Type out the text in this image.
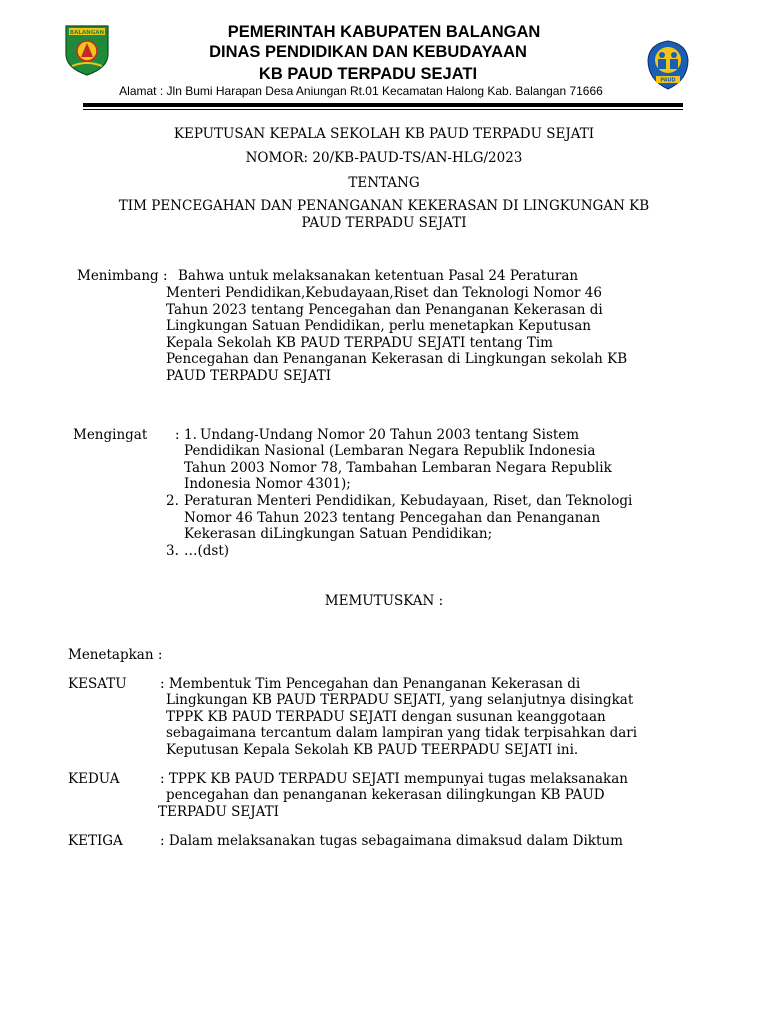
BALANGAN
PAUD
PEMERINTAH KABUPATEN BALANGAN
DINAS PENDIDIKAN DAN KEBUDAYAAN
KB PAUD TERPADU SEJATI
Alamat : Jln Bumi Harapan Desa Aniungan Rt.01 Kecamatan Halong Kab. Balangan 71666
KEPUTUSAN KEPALA SEKOLAH KB PAUD TERPADU SEJATI
NOMOR: 20/KB-PAUD-TS/AN-HLG/2023
TENTANG
TIM PENCEGAHAN DAN PENANGANAN KEKERASAN DI LINGKUNGAN KB
PAUD TERPADU SEJATI
Menimbang : Bahwa untuk melaksanakan ketentuan Pasal 24 Peraturan
Menteri Pendidikan,Kebudayaan,Riset dan Teknologi Nomor 46
Tahun 2023 tentang Pencegahan dan Penanganan Kekerasan di
Lingkungan Satuan Pendidikan, perlu menetapkan Keputusan
Kepala Sekolah KB PAUD TERPADU SEJATI tentang Tim
Pencegahan dan Penanganan Kekerasan di Lingkungan sekolah KB
PAUD TERPADU SEJATI
Mengingat : 1. Undang-Undang Nomor 20 Tahun 2003 tentang Sistem
Pendidikan Nasional (Lembaran Negara Republik Indonesia
Tahun 2003 Nomor 78, Tambahan Lembaran Negara Republik
Indonesia Nomor 4301);
2. Peraturan Menteri Pendidikan, Kebudayaan, Riset, dan Teknologi
Nomor 46 Tahun 2023 tentang Pencegahan dan Penanganan
Kekerasan diLingkungan Satuan Pendidikan;
3. …(dst)
MEMUTUSKAN :
Menetapkan :
KESATU : Membentuk Tim Pencegahan dan Penanganan Kekerasan di
Lingkungan KB PAUD TERPADU SEJATI, yang selanjutnya disingkat
TPPK KB PAUD TERPADU SEJATI dengan susunan keanggotaan
sebagaimana tercantum dalam lampiran yang tidak terpisahkan dari
Keputusan Kepala Sekolah KB PAUD TEERPADU SEJATI ini.
KEDUA	: TPPK KB PAUD TERPADU SEJATI mempunyai tugas melaksanakan
pencegahan dan penanganan kekerasan dilingkungan KB PAUD
TERPADU SEJATI
KETIGA	: Dalam melaksanakan tugas sebagaimana dimaksud dalam Diktum
